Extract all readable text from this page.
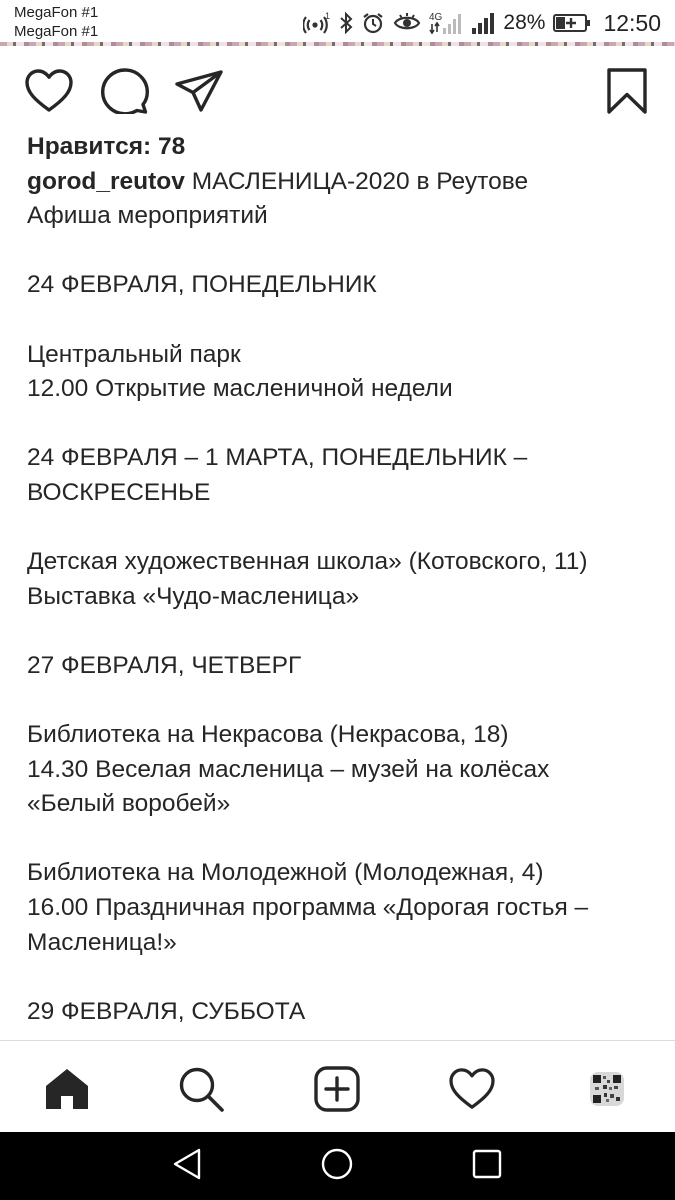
MegaFon #1
MegaFon #1
1	4G	28%	12:50
Нравится: 78
gorod_reutov МАСЛЕНИЦА-2020 в Реутове
Афиша мероприятий

24 ФЕВРАЛЯ, ПОНЕДЕЛЬНИК

Центральный парк
12.00 Открытие масленичной недели

24 ФЕВРАЛЯ – 1 МАРТА, ПОНЕДЕЛЬНИК –
ВОСКРЕСЕНЬЕ

Детская художественная школа» (Котовского, 11)
Выставка «Чудо-масленица»

27 ФЕВРАЛЯ, ЧЕТВЕРГ

Библиотека на Некрасова (Некрасова, 18)
14.30 Веселая масленица – музей на колёсах
«Белый воробей»

Библиотека на Молодежной (Молодежная, 4)
16.00 Праздничная программа «Дорогая гостья –
Масленица!»

29 ФЕВРАЛЯ, СУББОТА
